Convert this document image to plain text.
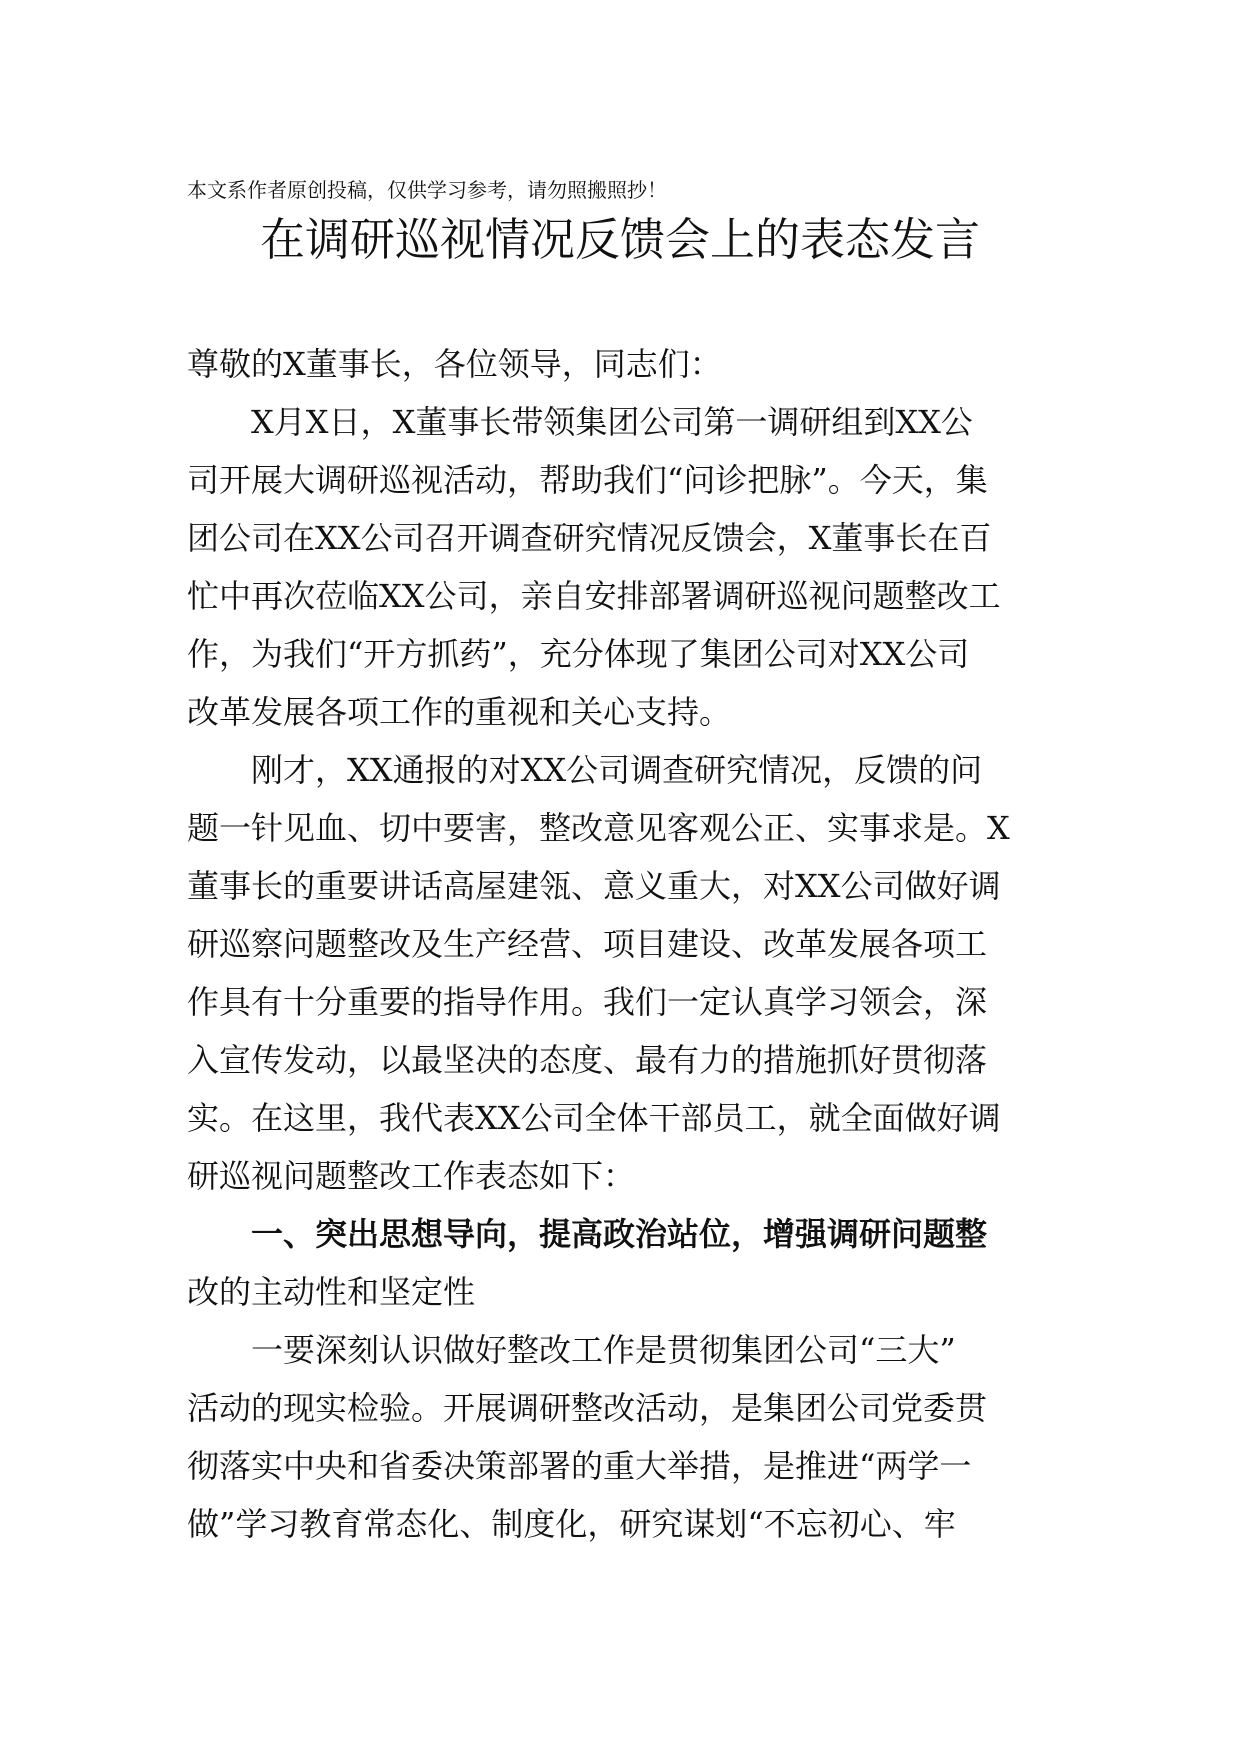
本文系作者原创投稿，仅供学习参考，请勿照搬照抄！
在调研巡视情况反馈会上的表态发言
尊敬的X董事长，各位领导，同志们：
X月X日，X董事长带领集团公司第一调研组到XX公
司开展大调研巡视活动，帮助我们“问诊把脉”。今天，集
团公司在XX公司召开调查研究情况反馈会，X董事长在百
忙中再次莅临XX公司，亲自安排部署调研巡视问题整改工
作，为我们“开方抓药”，充分体现了集团公司对XX公司
改革发展各项工作的重视和关心支持。
刚才，XX通报的对XX公司调查研究情况，反馈的问
题一针见血、切中要害，整改意见客观公正、实事求是。X
董事长的重要讲话高屋建瓴、意义重大，对XX公司做好调
研巡察问题整改及生产经营、项目建设、改革发展各项工
作具有十分重要的指导作用。我们一定认真学习领会，深
入宣传发动，以最坚决的态度、最有力的措施抓好贯彻落
实。在这里，我代表XX公司全体干部员工，就全面做好调
研巡视问题整改工作表态如下：
一、突出思想导向，提高政治站位，增强调研问题整
改的主动性和坚定性
一要深刻认识做好整改工作是贯彻集团公司“三大”
活动的现实检验。开展调研整改活动，是集团公司党委贯
彻落实中央和省委决策部署的重大举措，是推进“两学一
做”学习教育常态化、制度化，研究谋划“不忘初心、牢
